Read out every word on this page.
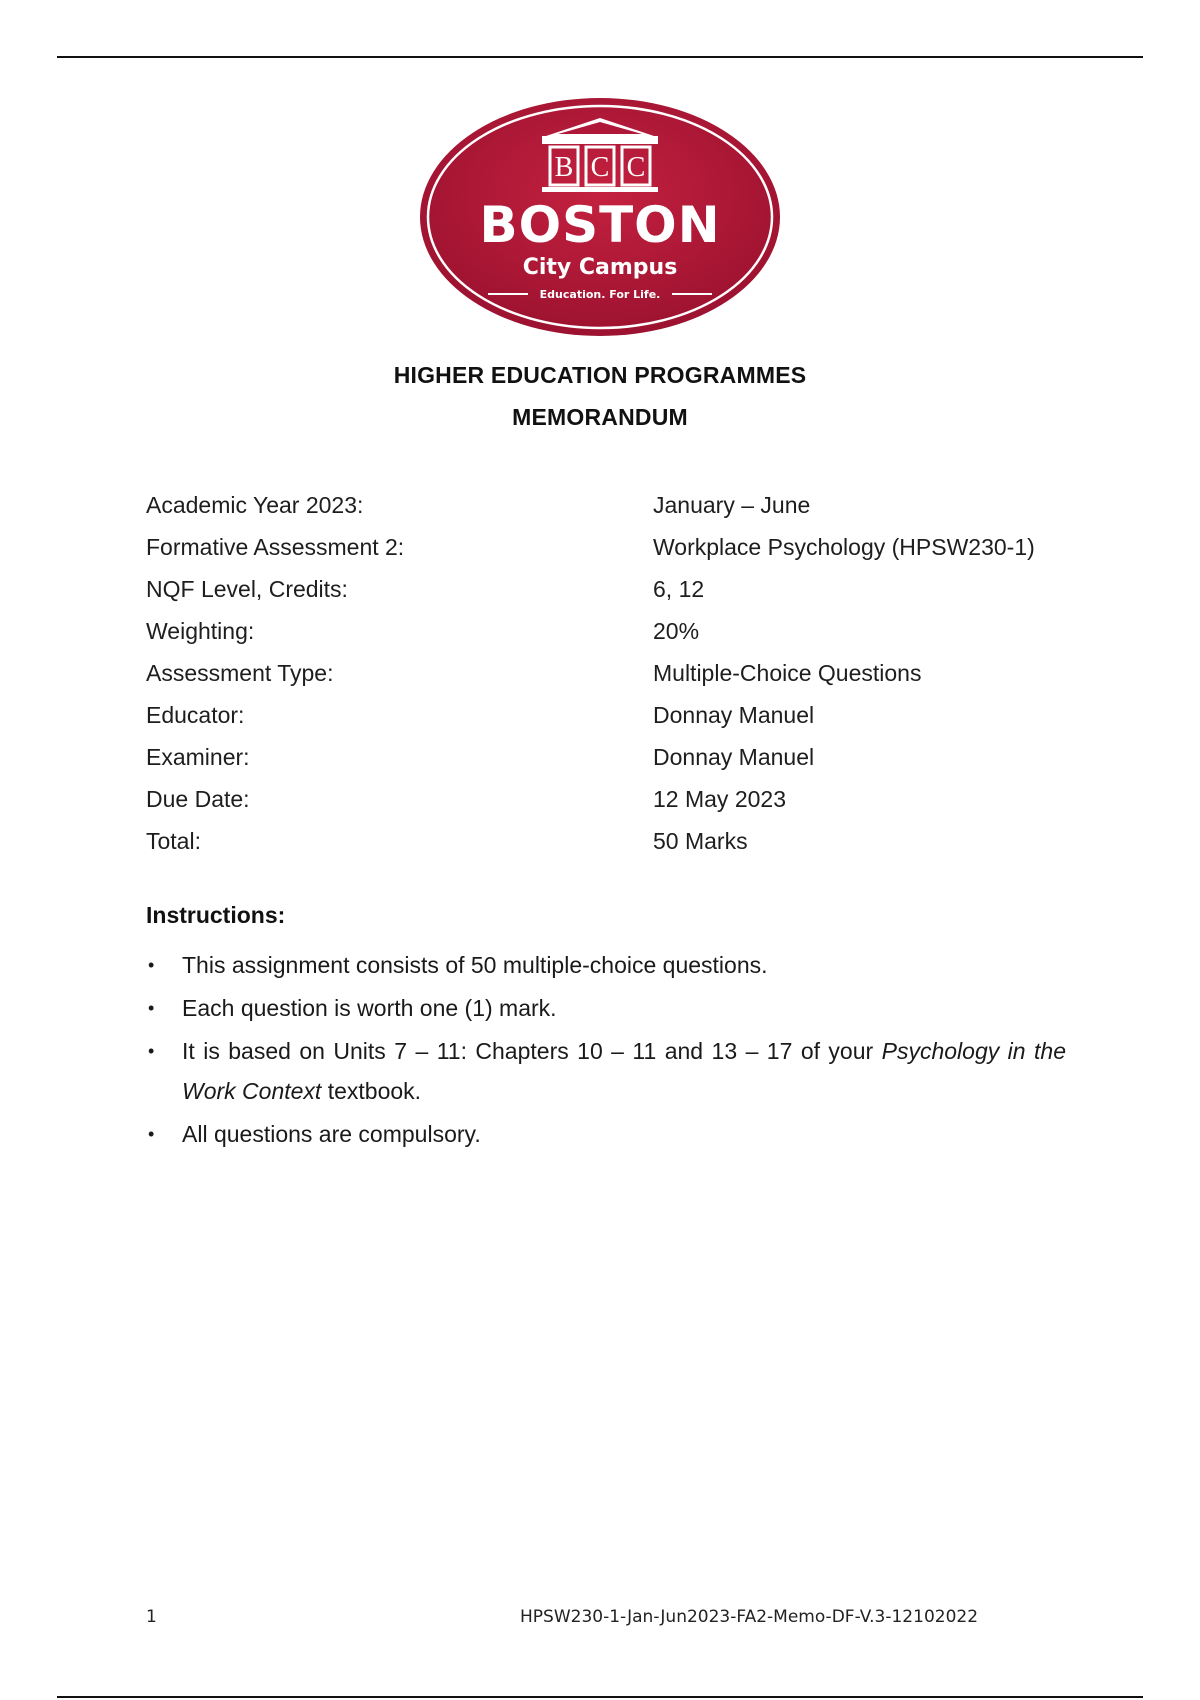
B C C
BOSTON
City Campus
Education. For Life.
HIGHER EDUCATION PROGRAMMES
MEMORANDUM
Academic Year 2023:	January – June
Formative Assessment 2:	Workplace Psychology (HPSW230-1)
NQF Level, Credits:	6, 12
Weighting:	20%
Assessment Type:	Multiple-Choice Questions
Educator:	Donnay Manuel
Examiner:	Donnay Manuel
Due Date:	12 May 2023
Total:	50 Marks
Instructions:
• This assignment consists of 50 multiple-choice questions.
• Each question is worth one (1) mark.
• It is based on Units 7 – 11: Chapters 10 – 11 and 13 – 17 of your Psychology in the Work Context textbook.
• All questions are compulsory.
1	HPSW230-1-Jan-Jun2023-FA2-Memo-DF-V.3-12102022
